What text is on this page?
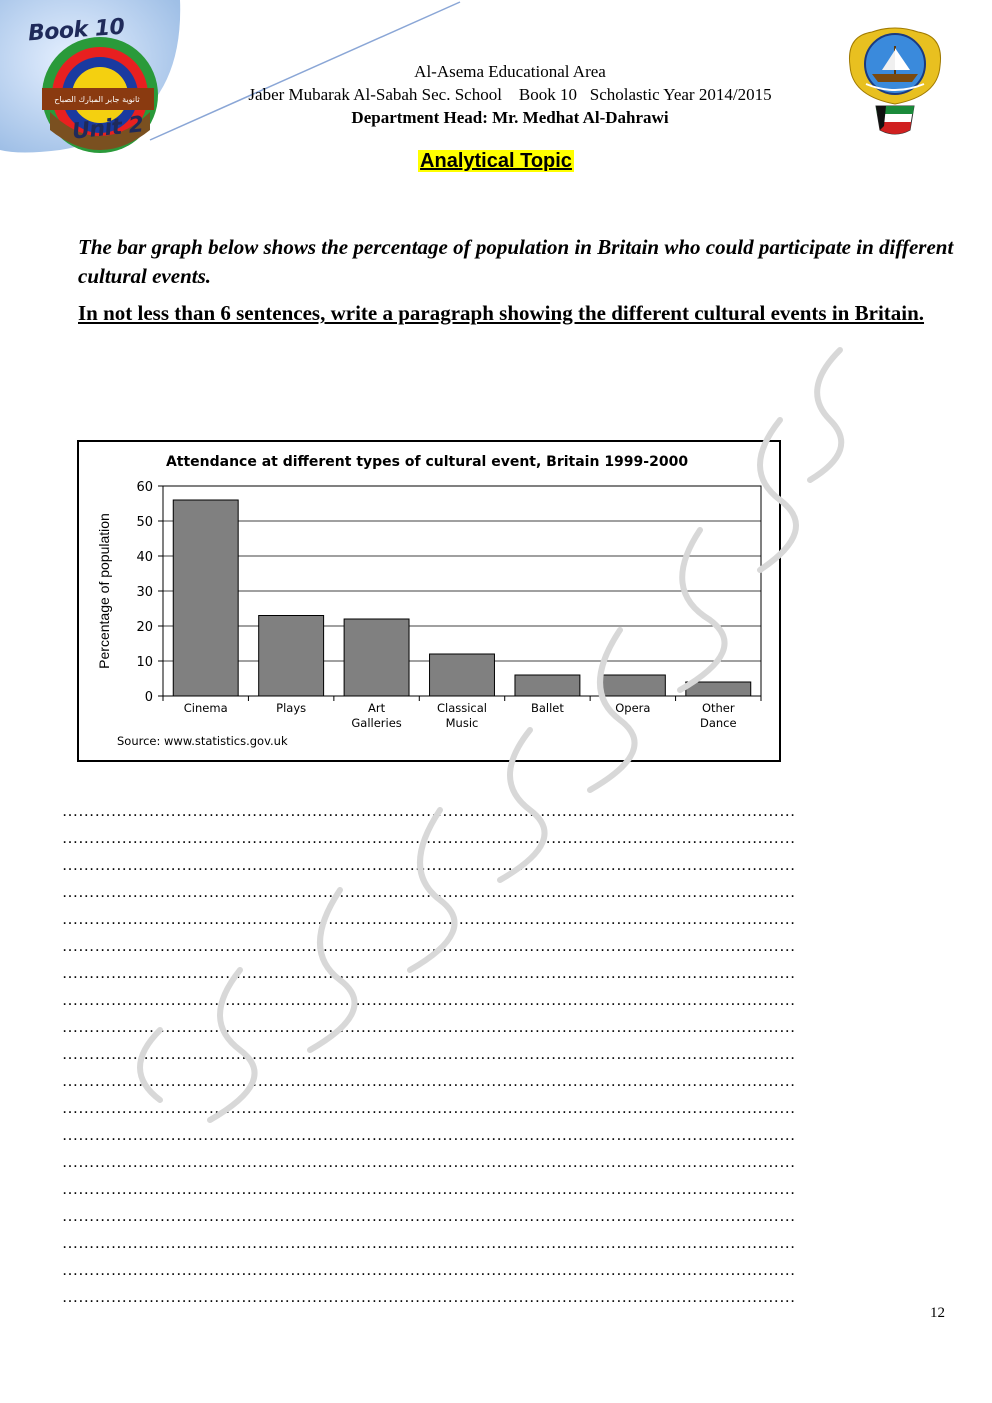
Book 10
ثانوية جابر المبارك الصباح
Unit 2
Al-Asema Educational Area
Jaber Mubarak Al-Sabah Sec. School    Book 10   Scholastic Year 2014/2015
Department Head: Mr. Medhat Al-Dahrawi
Analytical Topic
The bar graph below shows the percentage of population in Britain who could participate in different cultural events.
In not less than 6 sentences, write a paragraph showing the different cultural events in Britain.
Attendance at different types of cultural event, Britain 1999-2000
0
10
20
30
40
50
60
Percentage of population
Cinema	Plays	Art
Galleries
Classical
Music
Ballet	Opera	Other
Dance
Source: www.statistics.gov.uk
………………………………………………………………………………………………………………………
………………………………………………………………………………………………………………………
………………………………………………………………………………………………………………………
………………………………………………………………………………………………………………………
………………………………………………………………………………………………………………………
………………………………………………………………………………………………………………………
………………………………………………………………………………………………………………………
………………………………………………………………………………………………………………………
………………………………………………………………………………………………………………………
………………………………………………………………………………………………………………………
………………………………………………………………………………………………………………………
………………………………………………………………………………………………………………………
………………………………………………………………………………………………………………………
………………………………………………………………………………………………………………………
………………………………………………………………………………………………………………………
………………………………………………………………………………………………………………………
………………………………………………………………………………………………………………………
………………………………………………………………………………………………………………………
………………………………………………………………………………………………………………………
12
